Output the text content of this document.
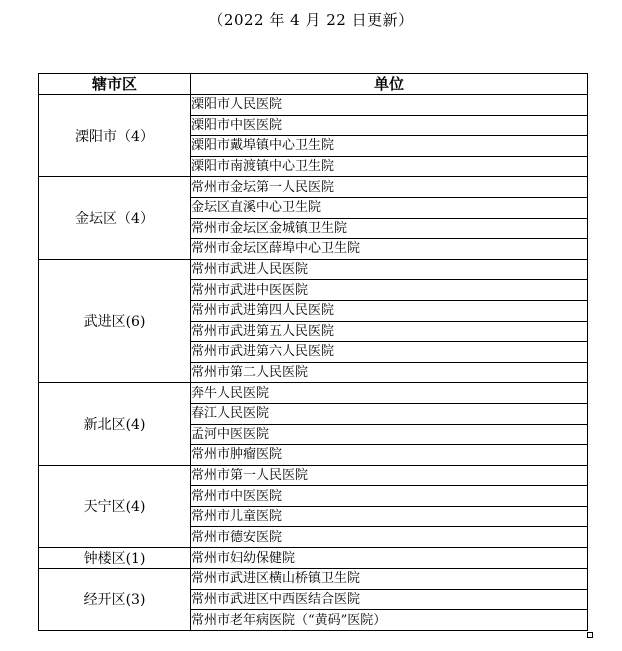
（2022 年 4 月 22 日更新）
辖市区	单位
溧阳市（4）	溧阳市人民医院
	溧阳市中医医院
	溧阳市戴埠镇中心卫生院
	溧阳市南渡镇中心卫生院
金坛区（4）	常州市金坛第一人民医院
	金坛区直溪中心卫生院
	常州市金坛区金城镇卫生院
	常州市金坛区薛埠中心卫生院
武进区(6)	常州市武进人民医院
	常州市武进中医医院
	常州市武进第四人民医院
	常州市武进第五人民医院
	常州市武进第六人民医院
	常州市第二人民医院
新北区(4)	奔牛人民医院
	春江人民医院
	孟河中医医院
	常州市肿瘤医院
天宁区(4)	常州市第一人民医院
	常州市中医医院
	常州市儿童医院
	常州市德安医院
钟楼区(1)	常州市妇幼保健院
经开区(3)	常州市武进区横山桥镇卫生院
	常州市武进区中西医结合医院
	常州市老年病医院（“黄码”医院）
